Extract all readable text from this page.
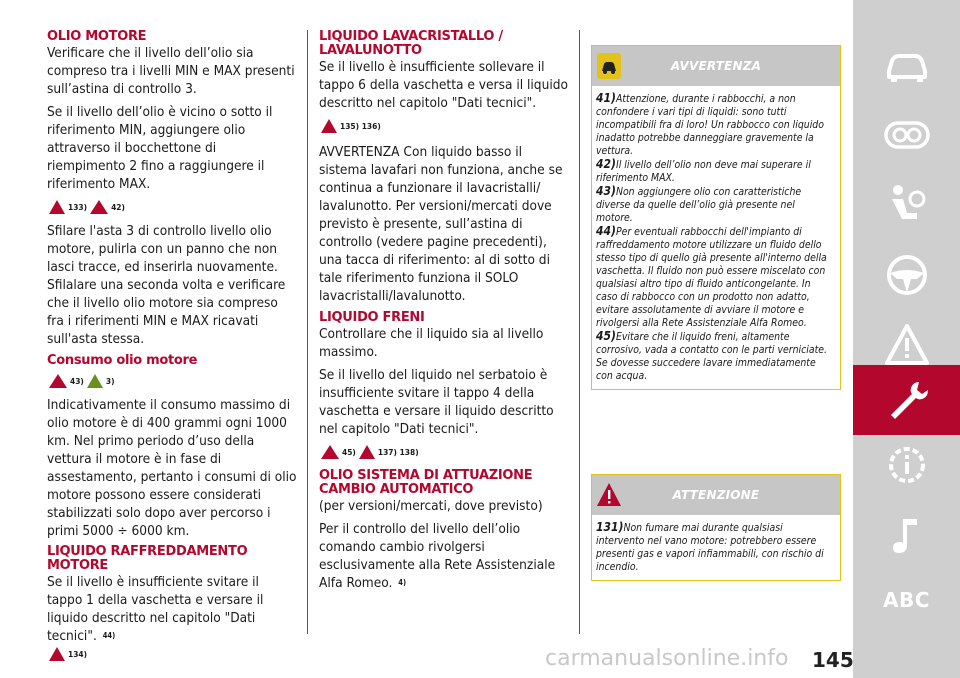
OLIO MOTORE

Verificare che il livello dell’olio sia compreso tra i livelli MIN e MAX presenti sull’astina di controllo 3.

Se il livello dell’olio è vicino o sotto il riferimento MIN, aggiungere olio attraverso il bocchettone di riempimento 2 fino a raggiungere il riferimento MAX.

133)	42)

Sfilare l'asta 3 di controllo livello olio motore, pulirla con un panno che non lasci tracce, ed inserirla nuovamente. Sfilalare una seconda volta e verificare che il livello olio motore sia compreso fra i riferimenti MIN e MAX ricavati sull'asta stessa.

Consumo olio motore
43)	3)

Indicativamente il consumo massimo di olio motore è di 400 grammi ogni 1000 km. Nel primo periodo d’uso della vettura il motore è in fase di assestamento, pertanto i consumi di olio motore possono essere considerati stabilizzati solo dopo aver percorso i primi 5000 ÷ 6000 km.

LIQUIDO RAFFREDDAMENTO MOTORE

Se il livello è insufficiente svitare il tappo 1 della vaschetta e versare il liquido descritto nel capitolo "Dati tecnici". 44)

134)
LIQUIDO LAVACRISTALLO / LAVALUNOTTO

Se il livello è insufficiente sollevare il tappo 6 della vaschetta e versa il liquido descritto nel capitolo "Dati tecnici".

135) 136)

AVVERTENZA Con liquido basso il sistema lavafari non funziona, anche se continua a funzionare il lavacristalli/ lavalunotto. Per versioni/mercati dove previsto è presente, sull’astina di controllo (vedere pagine precedenti), una tacca di riferimento: al di sotto di tale riferimento funziona il SOLO lavacristalli/lavalunotto.

LIQUIDO FRENI

Controllare che il liquido sia al livello massimo.

Se il livello del liquido nel serbatoio è insufficiente svitare il tappo 4 della vaschetta e versare il liquido descritto nel capitolo "Dati tecnici".

45)	137) 138)
OLIO SISTEMA DI ATTUAZIONE CAMBIO AUTOMATICO

(per versioni/mercati, dove previsto)

Per il controllo del livello dell’olio comando cambio rivolgersi esclusivamente alla Rete Assistenziale Alfa Romeo. 4)

AVVERTENZA

41)Attenzione, durante i rabbocchi, a non confondere i vari tipi di liquidi: sono tutti incompatibili fra di loro! Un rabbocco con liquido inadatto potrebbe danneggiare gravemente la vettura.

42)Il livello dell’olio non deve mai superare il riferimento MAX.

43)Non aggiungere olio con caratteristiche diverse da quelle dell’olio già presente nel motore.

44)Per eventuali rabbocchi dell'impianto di raffreddamento motore utilizzare un fluido dello stesso tipo di quello già presente all'interno della vaschetta. Il fluido non può essere miscelato con qualsiasi altro tipo di fluido anticongelante. In caso di rabbocco con un prodotto non adatto, evitare assolutamente di avviare il motore e rivolgersi alla Rete Assistenziale Alfa Romeo.

45)Evitare che il liquido freni, altamente corrosivo, vada a contatto con le parti verniciate. Se dovesse succedere lavare immediatamente con acqua.

ATTENZIONE

131)Non fumare mai durante qualsiasi intervento nel vano motore: potrebbero essere presenti gas e vapori infiammabili, con rischio di incendio.

ABC
carmanualsonline.info 145
